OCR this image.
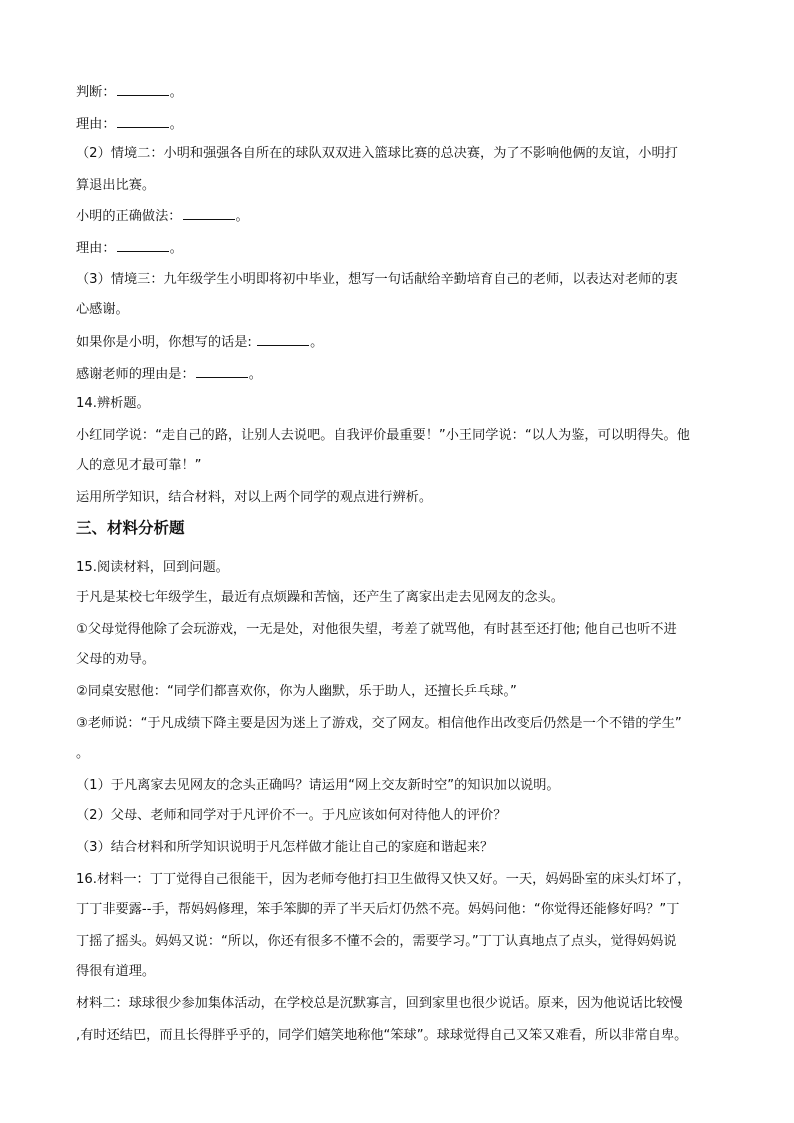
判断：	。
理由：	。
（2）情境二：小明和强强各自所在的球队双双进入篮球比赛的总决赛，为了不影响他俩的友谊，小明打
算退出比赛。
小明的正确做法：	。
理由：	。
（3）情境三：九年级学生小明即将初中毕业，想写一句话献给辛勤培育自己的老师，以表达对老师的衷
心感谢。
如果你是小明，你想写的话是:	。
感谢老师的理由是：	。
14.辨析题。
小红同学说：“走自己的路，让别人去说吧。自我评价最重要！”小王同学说：“以人为鉴，可以明得失。他
人的意见才最可靠！”
运用所学知识，结合材料，对以上两个同学的观点进行辨析。
三、材料分析题
15.阅读材料，回到问题。
于凡是某校七年级学生，最近有点烦躁和苦恼，还产生了离家出走去见网友的念头。
①父母觉得他除了会玩游戏，一无是处，对他很失望，考差了就骂他，有时甚至还打他; 他自己也听不进
父母的劝导。
②同桌安慰他：“同学们都喜欢你，你为人幽默，乐于助人，还擅长乒乓球。”
③老师说：“于凡成绩下降主要是因为迷上了游戏，交了网友。相信他作出改变后仍然是一个不错的学生”
。
（1）于凡离家去见网友的念头正确吗？请运用“网上交友新时空”的知识加以说明。
（2）父母、老师和同学对于凡评价不一。于凡应该如何对待他人的评价？
（3）结合材料和所学知识说明于凡怎样做才能让自己的家庭和谐起来？
16.材料一：丁丁觉得自己很能干，因为老师夸他打扫卫生做得又快又好。一天，妈妈卧室的床头灯坏了，
丁丁非要露--手，帮妈妈修理，笨手笨脚的弄了半天后灯仍然不亮。妈妈问他：“你觉得还能修好吗？”丁
丁摇了摇头。妈妈又说：“所以，你还有很多不懂不会的，需要学习。”丁丁认真地点了点头，觉得妈妈说
得很有道理。
材料二：球球很少参加集体活动，在学校总是沉默寡言，回到家里也很少说话。原来，因为他说话比较慢
,有时还结巴，而且长得胖乎乎的，同学们嬉笑地称他“笨球”。球球觉得自己又笨又难看，所以非常自卑。
